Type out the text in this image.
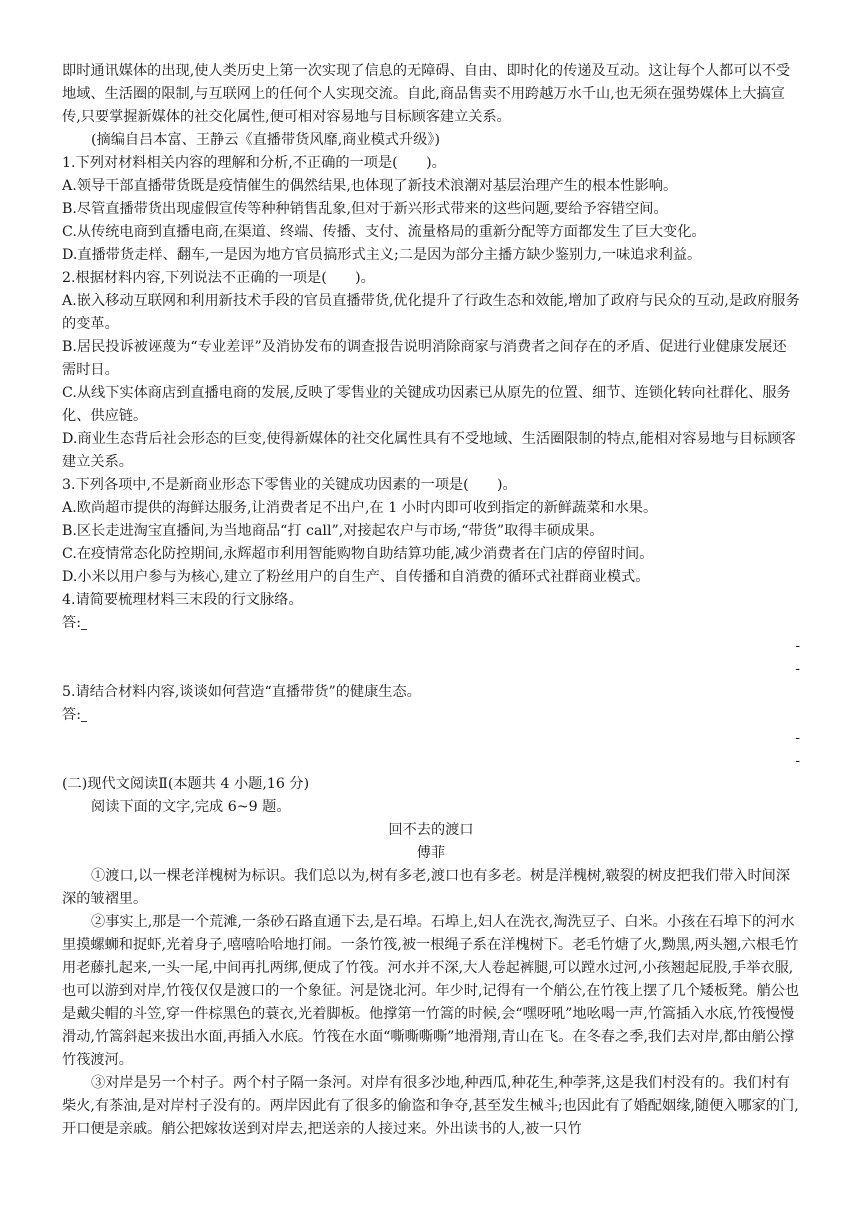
即时通讯媒体的出现,使人类历史上第一次实现了信息的无障碍、自由、即时化的传递及互动。这让每个人都可以不受地域、生活圈的限制,与互联网上的任何个人实现交流。自此,商品售卖不用跨越万水千山,也无须在强势媒体上大搞宣传,只要掌握新媒体的社交化属性,便可相对容易地与目标顾客建立关系。

(摘编自吕本富、王静云《直播带货风靡,商业模式升级》)

1.下列对材料相关内容的理解和分析,不正确的一项是(　　)。

A.领导干部直播带货既是疫情催生的偶然结果,也体现了新技术浪潮对基层治理产生的根本性影响。

B.尽管直播带货出现虚假宣传等种种销售乱象,但对于新兴形式带来的这些问题,要给予容错空间。

C.从传统电商到直播电商,在渠道、终端、传播、支付、流量格局的重新分配等方面都发生了巨大变化。

D.直播带货走样、翻车,一是因为地方官员搞形式主义;二是因为部分主播方缺少鉴别力,一味追求利益。

2.根据材料内容,下列说法不正确的一项是(　　)。

A.嵌入移动互联网和利用新技术手段的官员直播带货,优化提升了行政生态和效能,增加了政府与民众的互动,是政府服务的变革。

B.居民投诉被诬蔑为“专业差评”及消协发布的调查报告说明消除商家与消费者之间存在的矛盾、促进行业健康发展还需时日。

C.从线下实体商店到直播电商的发展,反映了零售业的关键成功因素已从原先的位置、细节、连锁化转向社群化、服务化、供应链。

D.商业生态背后社会形态的巨变,使得新媒体的社交化属性具有不受地域、生活圈限制的特点,能相对容易地与目标顾客建立关系。

3.下列各项中,不是新商业形态下零售业的关键成功因素的一项是(　　)。

A.欧尚超市提供的海鲜达服务,让消费者足不出户,在 1 小时内即可收到指定的新鲜蔬菜和水果。

B.区长走进淘宝直播间,为当地商品“打 call”,对接起农户与市场,“带货”取得丰硕成果。

C.在疫情常态化防控期间,永辉超市利用智能购物自助结算功能,减少消费者在门店的停留时间。

D.小米以用户参与为核心,建立了粉丝用户的自生产、自传播和自消费的循环式社群商业模式。

4.请简要梳理材料三末段的行文脉络。

答:

-

-

5.请结合材料内容,谈谈如何营造“直播带货”的健康生态。

答:

-

-

(二)现代文阅读Ⅱ(本题共 4 小题,16 分)

阅读下面的文字,完成 6~9 题。

回不去的渡口

傅菲

①渡口,以一棵老洋槐树为标识。我们总以为,树有多老,渡口也有多老。树是洋槐树,皲裂的树皮把我们带入时间深深的皱褶里。

②事实上,那是一个荒滩,一条砂石路直通下去,是石埠。石埠上,妇人在洗衣,淘洗豆子、白米。小孩在石埠下的河水里摸螺蛳和捉虾,光着身子,嘻嘻哈哈地打闹。一条竹筏,被一根绳子系在洋槐树下。老毛竹煻了火,黝黑,两头翘,六根毛竹用老藤扎起来,一头一尾,中间再扎两绑,便成了竹筏。河水并不深,大人卷起裤腿,可以蹚水过河,小孩翘起屁股,手举衣服,也可以游到对岸,竹筏仅仅是渡口的一个象征。河是饶北河。年少时,记得有一个艄公,在竹筏上摆了几个矮板凳。艄公也是戴尖帽的斗笠,穿一件棕黑色的蓑衣,光着脚板。他撑第一竹篙的时候,会“嘿呀吼”地吆喝一声,竹篙插入水底,竹筏慢慢滑动,竹篙斜起来拔出水面,再插入水底。竹筏在水面“嘶嘶嘶嘶”地滑翔,青山在飞。在冬春之季,我们去对岸,都由艄公撑竹筏渡河。

③对岸是另一个村子。两个村子隔一条河。对岸有很多沙地,种西瓜,种花生,种荸荠,这是我们村没有的。我们村有柴火,有茶油,是对岸村子没有的。两岸因此有了很多的偷盗和争夺,甚至发生械斗;也因此有了婚配姻缘,随便入哪家的门,开口便是亲戚。艄公把嫁妆送到对岸去,把送亲的人接过来。外出读书的人,被一只竹
